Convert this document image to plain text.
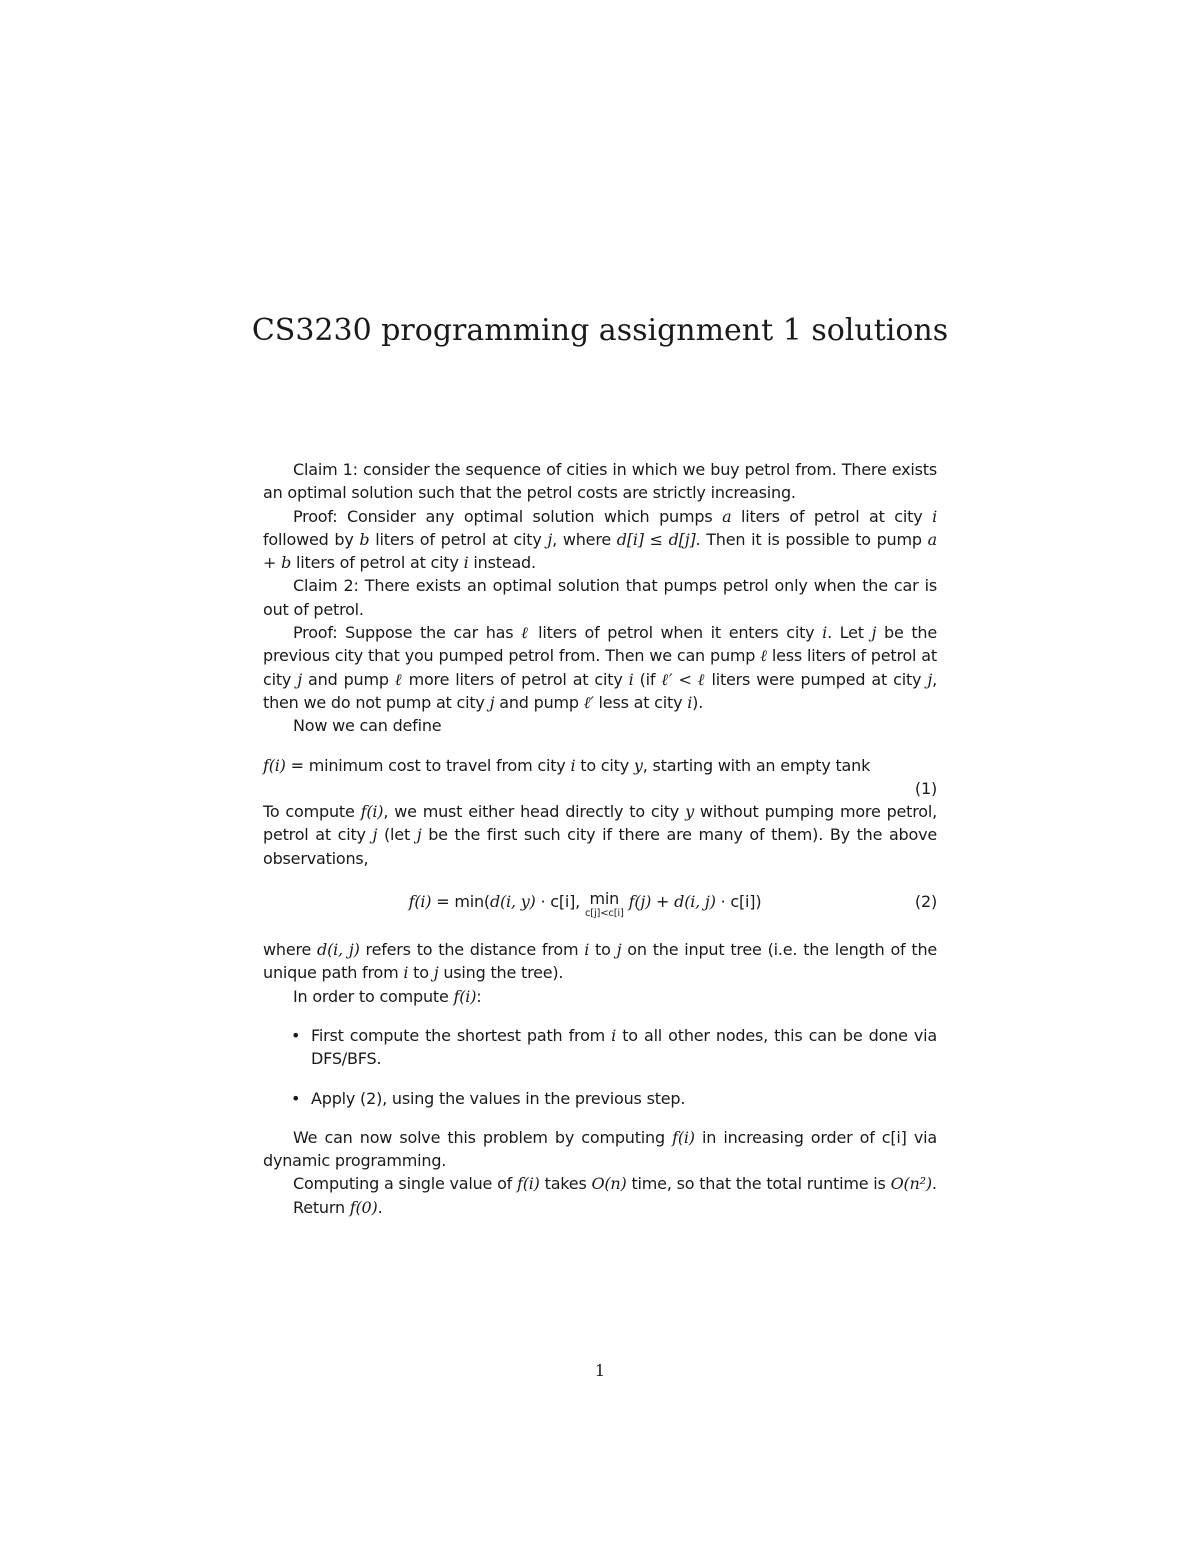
CS3230 programming assignment 1 solutions

Claim 1: consider the sequence of cities in which we buy petrol from. There exists an optimal solution such that the petrol costs are strictly increasing.

Proof: Consider any optimal solution which pumps a liters of petrol at city i followed by b liters of petrol at city j, where d[i] ≤ d[j]. Then it is possible to pump a + b liters of petrol at city i instead.

Claim 2: There exists an optimal solution that pumps petrol only when the car is out of petrol.

Proof: Suppose the car has ℓ liters of petrol when it enters city i. Let j be the previous city that you pumped petrol from. Then we can pump ℓ less liters of petrol at city j and pump ℓ more liters of petrol at city i (if ℓ′ < ℓ liters were pumped at city j, then we do not pump at city j and pump ℓ′ less at city i).

Now we can define

f(i) = minimum cost to travel from city i to city y, starting with an empty tank
(1)

To compute f(i), we must either head directly to city y without pumping more petrol, petrol at city j (let j be the first such city if there are many of them). By the above observations,

f(i) = min(d(i, y) · c[i], min
c[j]<c[i]
f(j) + d(i, j) · c[i])	(2)

where d(i, j) refers to the distance from i to j on the input tree (i.e. the length of the unique path from i to j using the tree).

In order to compute f(i):

• First compute the shortest path from i to all other nodes, this can be done via DFS/BFS.
• Apply (2), using the values in the previous step.

We can now solve this problem by computing f(i) in increasing order of c[i] via dynamic programming.

Computing a single value of f(i) takes O(n) time, so that the total runtime is O(n²).

Return f(0).

1
